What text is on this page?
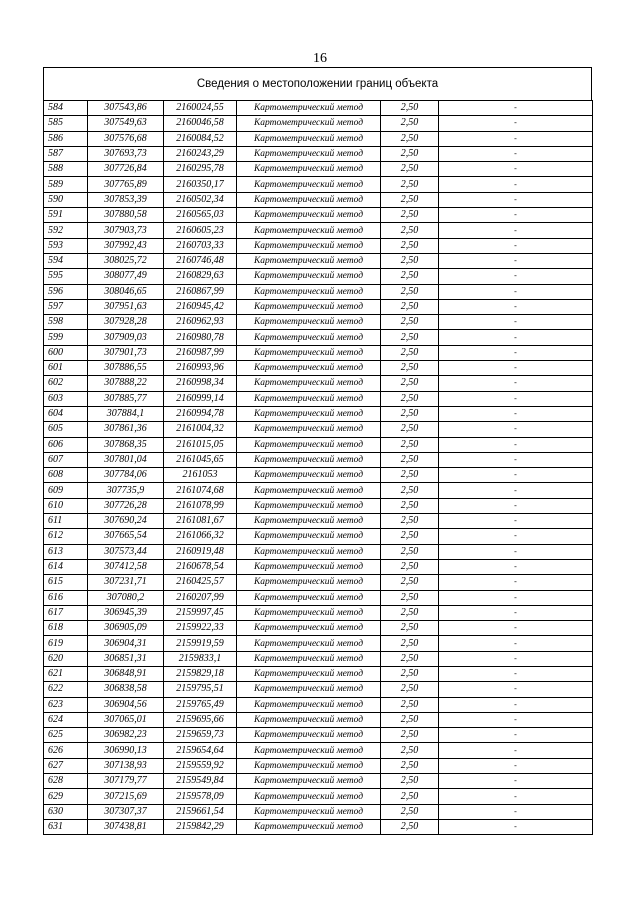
16
Сведения о местоположении границ объекта
584	307543,86	2160024,55	Картометрический метод	2,50	-
585	307549,63	2160046,58	Картометрический метод	2,50	-
586	307576,68	2160084,52	Картометрический метод	2,50	-
587	307693,73	2160243,29	Картометрический метод	2,50	-
588	307726,84	2160295,78	Картометрический метод	2,50	-
589	307765,89	2160350,17	Картометрический метод	2,50	-
590	307853,39	2160502,34	Картометрический метод	2,50	-
591	307880,58	2160565,03	Картометрический метод	2,50	-
592	307903,73	2160605,23	Картометрический метод	2,50	-
593	307992,43	2160703,33	Картометрический метод	2,50	-
594	308025,72	2160746,48	Картометрический метод	2,50	-
595	308077,49	2160829,63	Картометрический метод	2,50	-
596	308046,65	2160867,99	Картометрический метод	2,50	-
597	307951,63	2160945,42	Картометрический метод	2,50	-
598	307928,28	2160962,93	Картометрический метод	2,50	-
599	307909,03	2160980,78	Картометрический метод	2,50	-
600	307901,73	2160987,99	Картометрический метод	2,50	-
601	307886,55	2160993,96	Картометрический метод	2,50	-
602	307888,22	2160998,34	Картометрический метод	2,50	-
603	307885,77	2160999,14	Картометрический метод	2,50	-
604	307884,1	2160994,78	Картометрический метод	2,50	-
605	307861,36	2161004,32	Картометрический метод	2,50	-
606	307868,35	2161015,05	Картометрический метод	2,50	-
607	307801,04	2161045,65	Картометрический метод	2,50	-
608	307784,06	2161053	Картометрический метод	2,50	-
609	307735,9	2161074,68	Картометрический метод	2,50	-
610	307726,28	2161078,99	Картометрический метод	2,50	-
611	307690,24	2161081,67	Картометрический метод	2,50	-
612	307665,54	2161066,32	Картометрический метод	2,50	-
613	307573,44	2160919,48	Картометрический метод	2,50	-
614	307412,58	2160678,54	Картометрический метод	2,50	-
615	307231,71	2160425,57	Картометрический метод	2,50	-
616	307080,2	2160207,99	Картометрический метод	2,50	-
617	306945,39	2159997,45	Картометрический метод	2,50	-
618	306905,09	2159922,33	Картометрический метод	2,50	-
619	306904,31	2159919,59	Картометрический метод	2,50	-
620	306851,31	2159833,1	Картометрический метод	2,50	-
621	306848,91	2159829,18	Картометрический метод	2,50	-
622	306838,58	2159795,51	Картометрический метод	2,50	-
623	306904,56	2159765,49	Картометрический метод	2,50	-
624	307065,01	2159695,66	Картометрический метод	2,50	-
625	306982,23	2159659,73	Картометрический метод	2,50	-
626	306990,13	2159654,64	Картометрический метод	2,50	-
627	307138,93	2159559,92	Картометрический метод	2,50	-
628	307179,77	2159549,84	Картометрический метод	2,50	-
629	307215,69	2159578,09	Картометрический метод	2,50	-
630	307307,37	2159661,54	Картометрический метод	2,50	-
631	307438,81	2159842,29	Картометрический метод	2,50	-
